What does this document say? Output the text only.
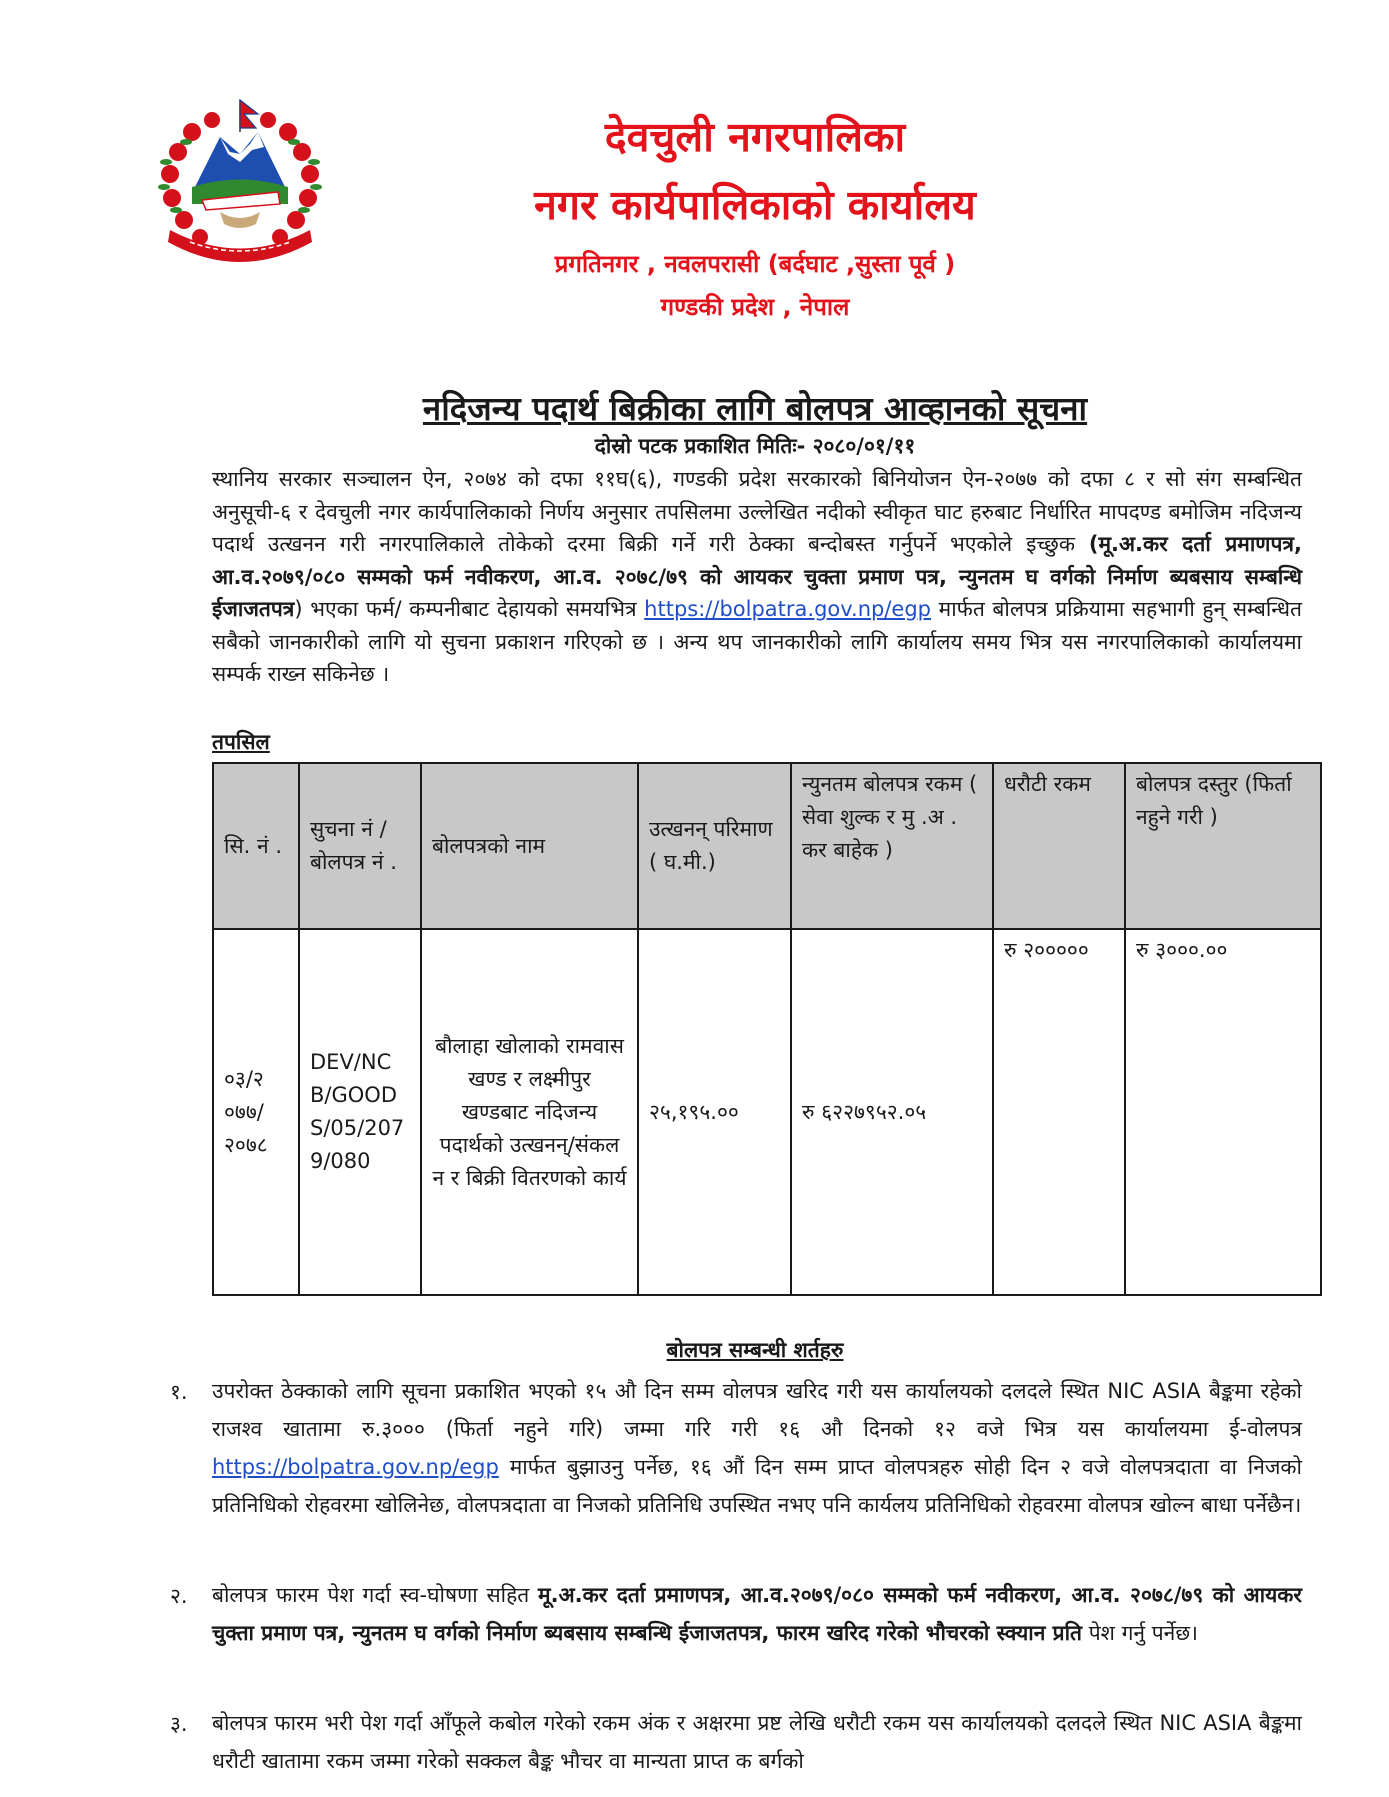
देवचुली नगरपालिका
नगर कार्यपालिकाको कार्यालय
प्रगतिनगर , नवलपरासी (बर्दघाट ,सुस्ता पूर्व )
गण्डकी प्रदेश , नेपाल
नदिजन्य पदार्थ बिक्रीका लागि बोलपत्र आव्हानको सूचना
दोस्रो पटक प्रकाशित मितिः- २०८०/०१/११

स्थानिय सरकार सञ्चालन ऐन, २०७४ को दफा ११घ(६), गण्डकी प्रदेश सरकारको बिनियोजन ऐन-२०७७ को दफा ८ र सो संग सम्बन्धित अनुसूची-६ र देवचुली नगर कार्यपालिकाको निर्णय अनुसार तपसिलमा उल्लेखित नदीको स्वीकृत घाट हरुबाट निर्धारित मापदण्ड बमोजिम नदिजन्य पदार्थ उत्खनन गरी नगरपालिकाले तोकेको दरमा बिक्री गर्ने गरी ठेक्का बन्दोबस्त गर्नुपर्ने भएकोले इच्छुक (मू.अ.कर दर्ता प्रमाणपत्र, आ.व.२०७९/०८० सम्मको फर्म नवीकरण, आ.व. २०७८/७९ को आयकर चुक्ता प्रमाण पत्र, न्युनतम घ वर्गको निर्माण ब्यबसाय सम्बन्धि ईजाजतपत्र) भएका फर्म/ कम्पनीबाट देहायको समयभित्र https://bolpatra.gov.np/egp मार्फत बोलपत्र प्रक्रियामा सहभागी हुन् सम्बन्धित सबैको जानकारीको लागि यो सुचना प्रकाशन गरिएको छ । अन्य थप जानकारीको लागि कार्यालय समय भित्र यस नगरपालिकाको कार्यालयमा सम्पर्क राख्न सकिनेछ ।

तपसिल
सि. नं .	सुचना नं / बोलपत्र नं .	बोलपत्रको नाम	उत्खनन् परिमाण ( घ.मी.)	न्युनतम बोलपत्र रकम ( सेवा शुल्क र मु .अ . कर बाहेक )	धरौटी रकम	बोलपत्र दस्तुर (फिर्ता नहुने गरी )
०३/२ ०७७/ २०७८	DEV/NC B/GOOD S/05/207 9/080	बौलाहा खोलाको रामवास खण्ड र लक्ष्मीपुर खण्डबाट नदिजन्य पदार्थको उत्खनन्/संकल न र बिक्री वितरणको कार्य	२५,१९५.००	रु ६२२७९५२.०५	रु २०००००	रु ३०००.००
बोलपत्र सम्बन्धी शर्तहरु
१. उपरोक्त ठेक्काको लागि सूचना प्रकाशित भएको १५ औ दिन सम्म वोलपत्र खरिद गरी यस कार्यालयको दलदले स्थित NIC ASIA बैङ्कमा रहेको राजश्व खातामा रु.३००० (फिर्ता नहुने गरि) जम्मा गरि गरी १६ औ दिनको १२ वजे भित्र यस कार्यालयमा ई-वोलपत्र https://bolpatra.gov.np/egp मार्फत बुझाउनु पर्नेछ, १६ औं दिन सम्म प्राप्त वोलपत्रहरु सोही दिन २ वजे वोलपत्रदाता वा निजको प्रतिनिधिको रोहवरमा खोलिनेछ, वोलपत्रदाता वा निजको प्रतिनिधि उपस्थित नभए पनि कार्यलय प्रतिनिधिको रोहवरमा वोलपत्र खोल्न बाधा पर्नेछैन।

२. बोलपत्र फारम पेश गर्दा स्व-घोषणा सहित मू.अ.कर दर्ता प्रमाणपत्र, आ.व.२०७९/०८० सम्मको फर्म नवीकरण, आ.व. २०७८/७९ को आयकर चुक्ता प्रमाण पत्र, न्युनतम घ वर्गको निर्माण ब्यबसाय सम्बन्धि ईजाजतपत्र, फारम खरिद गरेको भौचरको स्क्यान प्रति पेश गर्नु पर्नेछ।

३. बोलपत्र फारम भरी पेश गर्दा आँफूले कबोल गरेको रकम अंक र अक्षरमा प्रष्ट लेखि धरौटी रकम यस कार्यालयको दलदले स्थित NIC ASIA बैङ्कमा धरौटी खातामा रकम जम्मा गरेको सक्कल बैङ्क भौचर वा मान्यता प्राप्त क बर्गको
